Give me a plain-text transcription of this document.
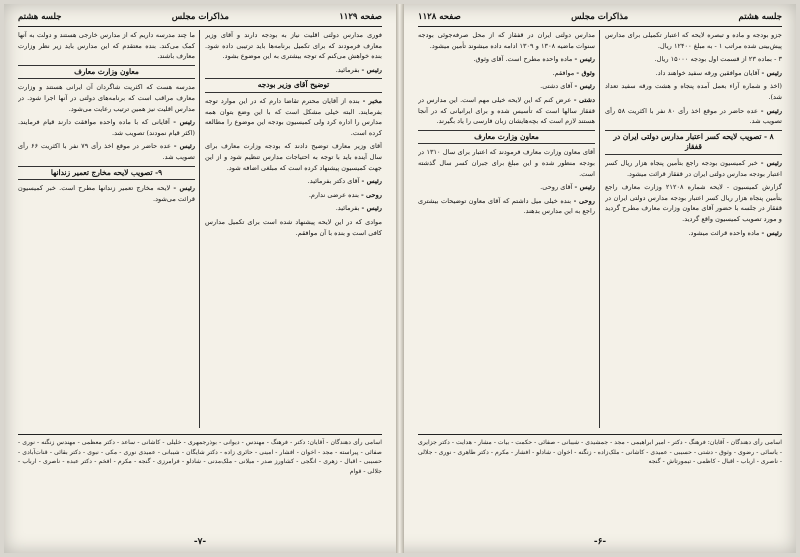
صفحه ۱۱۲۹
مذاکرات مجلس
جلسه هشتم

فوری مدارس دولتی اقلیت نیاز به بودجه دارند و آقای وزیر معارف فرمودند که برای تکمیل برنامه‌ها باید ترتیبی داده شود. بنده خواهش می‌کنم که توجه بیشتری به این موضوع بشود.

رئیس - بفرمائید.

توضیح آقای وزیر بودجه

مخبر - بنده از آقایان محترم تقاضا دارم که در این موارد توجه بفرمایند. البته خیلی مشکل است که با این وضع بتوان همه مدارس را اداره کرد ولی کمیسیون بودجه این موضوع را مطالعه کرده است.

آقای وزیر معارف توضیح دادند که بودجه وزارت معارف برای سال آینده باید با توجه به احتیاجات مدارس تنظیم شود و از این جهت کمیسیون پیشنهاد کرده است که مبلغی اضافه شود.

رئیس - آقای دکتر بفرمائید.

روحی - بنده عرضی ندارم.

رئیس - بفرمائید.

موادی که در این لایحه پیشنهاد شده است برای تکمیل مدارس کافی است و بنده با آن موافقم.

ما چند مدرسه داریم که از مدارس خارجی هستند و دولت به آنها کمک می‌کند. بنده معتقدم که این مدارس باید زیر نظر وزارت معارف باشند.

معاون وزارت معارف

مدرسه هست که اکثریت شاگردان آن ایرانی هستند و وزارت معارف مراقب است که برنامه‌های دولتی در آنها اجرا شود. در مدارس اقلیت نیز همین ترتیب رعایت می‌شود.

رئیس - آقایانی که با ماده واحده موافقت دارند قیام فرمایند. (اکثر قیام نمودند) تصویب شد.

رئیس - عده حاضر در موقع اخذ رأی ۷۹ نفر با اکثریت ۶۶ رأی تصویب شد.

۹- تصویب لایحه مخارج تعمیر زندانها

رئیس - لایحه مخارج تعمیر زندانها مطرح است. خبر کمیسیون قرائت می‌شود.

اسامی رأی دهندگان - آقایان: دکتر - فرهنگ - مهندس - دیوانی - بوذرجمهری - خلیلی - کاشانی - ساعد - دکتر معظمی - مهندس زنگنه - نوری - صفائی - پیراسته - مجد - اخوان - افشار - امینی - حائری زاده - دکتر شایگان - شیبانی - عمیدی نوری - مکی - نبوی - دکتر بقائی - قنات‌آبادی - حسیبی - اقبال - زهری - انگجی - کشاورز صدر - میلانی - ملک‌مدنی - شادلو - فرامرزی - گنجه - مکرم - افخم - دکتر عبده - ناصری - ارباب - جلالی - قوام
-۷-
جلسه هشتم
مذاکرات مجلس
صفحه ۱۱۲۸

جزو بودجه و ماده و تبصره لایحه که اعتبار تکمیلی برای مدارس پیش‌بینی شده مراتب ۱ - به مبلغ ۱۲۴۰۰ ریال.

۳ - بماده ۲۳ از قسمت اول بودجه ۱۵۰۰۰ ریال.

رئیس - آقایان موافقین ورقه سفید خواهند داد.

(اخذ و شماره آراء بعمل آمده پنجاه و هشت ورقه سفید تعداد شد).

رئیس - عده حاضر در موقع اخذ رأی ۸۰ نفر با اکثریت ۵۸ رأی تصویب شد.

۸ - تصویب لایحه کسر اعتبار مدارس دولتی ایران در قفقاز

رئیس - خبر کمیسیون بودجه راجع بتأمین پنجاه هزار ریال کسر اعتبار بودجه مدارس دولتی ایران در قفقاز قرائت میشود.

گزارش کمیسیون - لایحه شماره ۲۱۲۰۸ وزارت معارف راجع بتأمین پنجاه هزار ریال کسر اعتبار بودجه مدارس دولتی ایران در قفقاز در جلسه با حضور آقای معاون وزارت معارف مطرح گردید و مورد تصویب کمیسیون واقع گردید.

رئیس - ماده واحده قرائت میشود.

مدارس دولتی ایران در قفقاز که از محل صرفه‌جوئی بودجه سنوات ماضیه ۱۳۰۸ و ۱۳۰۹ ادامه داده میشوند تأمین میشود.

رئیس - ماده واحده مطرح است. آقای وثوق.

وثوق - موافقم.

رئیس - آقای دشتی.

دشتی - عرض کنم که این لایحه خیلی مهم است. این مدارس در قفقاز سالها است که تأسیس شده و برای ایرانیانی که در آنجا هستند لازم است که بچه‌هایشان زبان فارسی را یاد بگیرند.

معاون وزارت معارف

آقای معاون وزارت معارف فرمودند که اعتبار برای سال ۱۳۱۰ در بودجه منظور شده و این مبلغ برای جبران کسر سال گذشته است.

رئیس - آقای روحی.

روحی - بنده خیلی میل داشتم که آقای معاون توضیحات بیشتری راجع به این مدارس بدهند.

اسامی رأی دهندگان - آقایان: فرهنگ - دکتر - امیر ابراهیمی - مجد - جمشیدی - شیبانی - صفائی - حکمت - بیات - مشار - هدایت - دکتر جزایری - یاسائی - رضوی - وثوق - دشتی - حسیبی - عمیدی - کاشانی - ملک‌زاده - زنگنه - اخوان - شادلو - افشار - مکرم - دکتر طاهری - نوری - جلالی - ناصری - ارباب - اقبال - کاظمی - تیمورتاش - گنجه
-۶-
